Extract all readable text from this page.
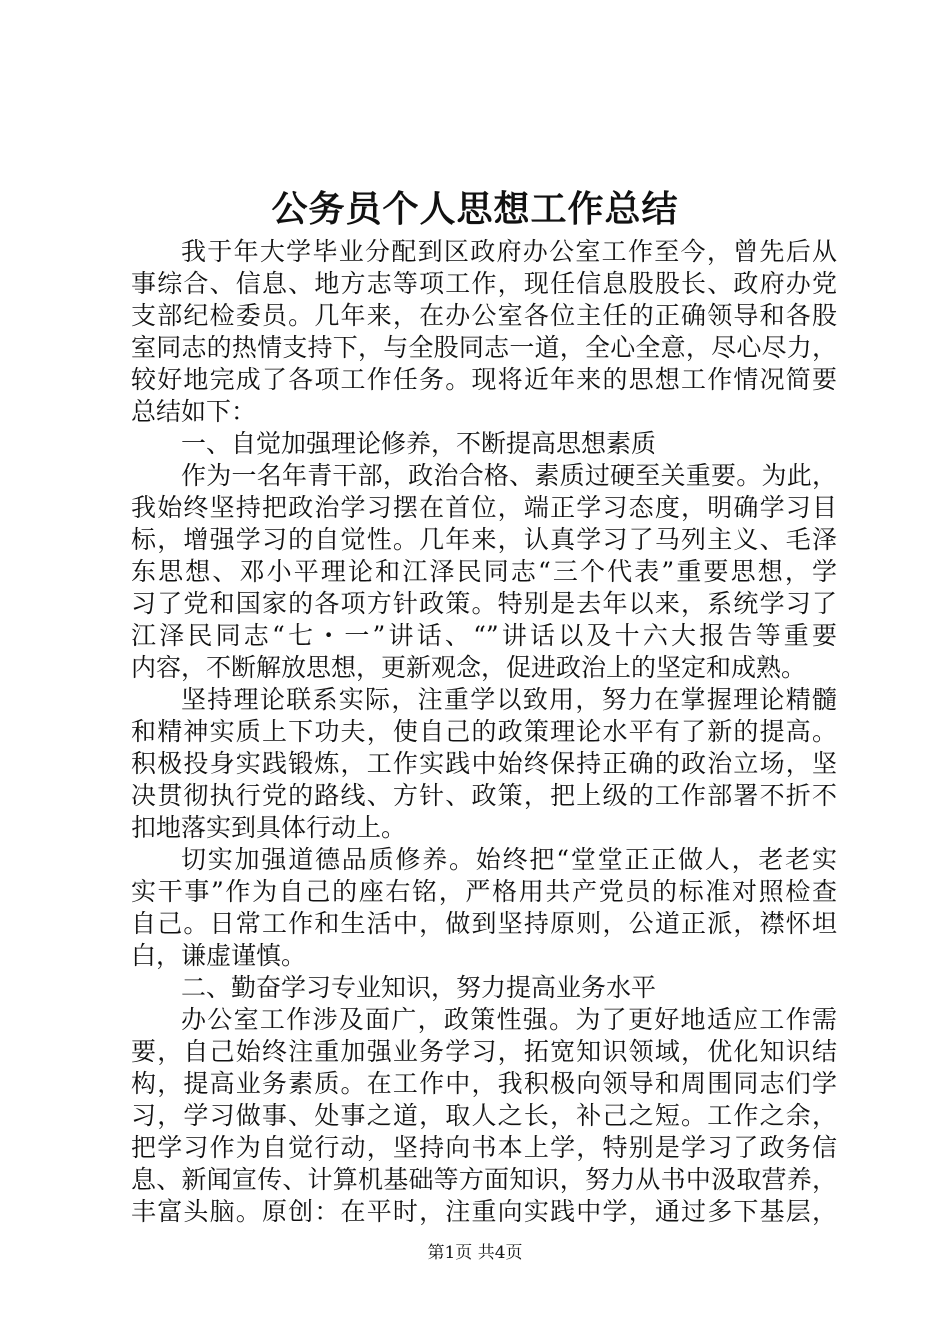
公务员个人思想工作总结
我于年大学毕业分配到区政府办公室工作至今，曾先后从
事综合、信息、地方志等项工作，现任信息股股长、政府办党
支部纪检委员。几年来，在办公室各位主任的正确领导和各股
室同志的热情支持下，与全股同志一道，全心全意，尽心尽力，
较好地完成了各项工作任务。现将近年来的思想工作情况简要
总结如下：
一、自觉加强理论修养，不断提高思想素质
作为一名年青干部，政治合格、素质过硬至关重要。为此，
我始终坚持把政治学习摆在首位，端正学习态度，明确学习目
标，增强学习的自觉性。几年来，认真学习了马列主义、毛泽
东思想、邓小平理论和江泽民同志“三个代表”重要思想，学
习了党和国家的各项方针政策。特别是去年以来，系统学习了
江泽民同志“七・一”讲话、“”讲话以及十六大报告等重要
内容，不断解放思想，更新观念，促进政治上的坚定和成熟。
坚持理论联系实际，注重学以致用，努力在掌握理论精髓
和精神实质上下功夫，使自己的政策理论水平有了新的提高。
积极投身实践锻炼，工作实践中始终保持正确的政治立场，坚
决贯彻执行党的路线、方针、政策，把上级的工作部署不折不
扣地落实到具体行动上。
切实加强道德品质修养。始终把“堂堂正正做人，老老实
实干事”作为自己的座右铭，严格用共产党员的标准对照检查
自己。日常工作和生活中，做到坚持原则，公道正派，襟怀坦
白，谦虚谨慎。
二、勤奋学习专业知识，努力提高业务水平
办公室工作涉及面广，政策性强。为了更好地适应工作需
要，自己始终注重加强业务学习，拓宽知识领域，优化知识结
构，提高业务素质。在工作中，我积极向领导和周围同志们学
习，学习做事、处事之道，取人之长，补己之短。工作之余，
把学习作为自觉行动，坚持向书本上学，特别是学习了政务信
息、新闻宣传、计算机基础等方面知识，努力从书中汲取营养，
丰富头脑。原创：在平时，注重向实践中学，通过多下基层，
第1页 共4页
